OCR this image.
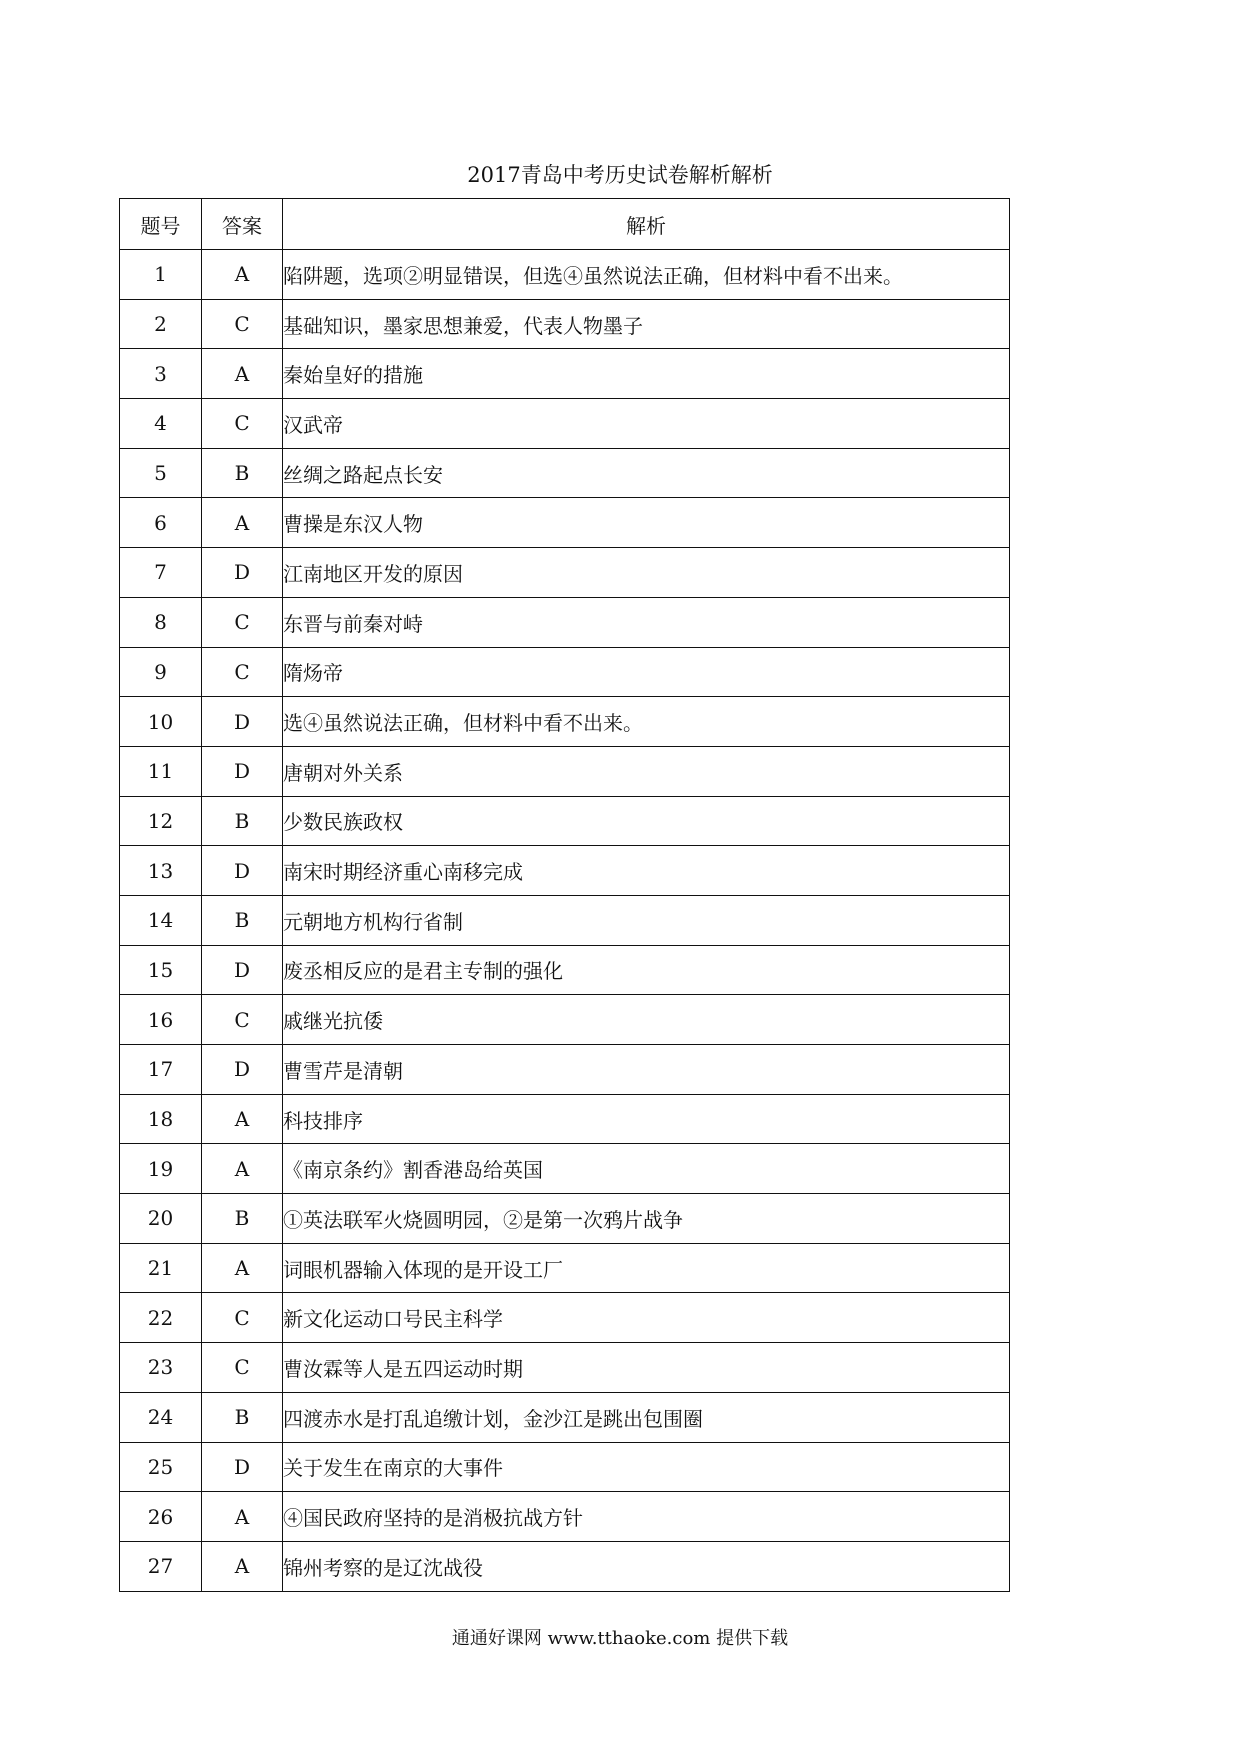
2017青岛中考历史试卷解析解析
题号	答案	解析
1	A	陷阱题，选项②明显错误，但选④虽然说法正确，但材料中看不出来。
2	C	基础知识，墨家思想兼爱，代表人物墨子
3	A	秦始皇好的措施
4	C	汉武帝
5	B	丝绸之路起点长安
6	A	曹操是东汉人物
7	D	江南地区开发的原因
8	C	东晋与前秦对峙
9	C	隋炀帝
10	D	选④虽然说法正确，但材料中看不出来。
11	D	唐朝对外关系
12	B	少数民族政权
13	D	南宋时期经济重心南移完成
14	B	元朝地方机构行省制
15	D	废丞相反应的是君主专制的强化
16	C	戚继光抗倭
17	D	曹雪芹是清朝
18	A	科技排序
19	A	《南京条约》割香港岛给英国
20	B	①英法联军火烧圆明园，②是第一次鸦片战争
21	A	词眼机器输入体现的是开设工厂
22	C	新文化运动口号民主科学
23	C	曹汝霖等人是五四运动时期
24	B	四渡赤水是打乱追缴计划，金沙江是跳出包围圈
25	D	关于发生在南京的大事件
26	A	④国民政府坚持的是消极抗战方针
27	A	锦州考察的是辽沈战役
通通好课网 www.tthaoke.com 提供下载
